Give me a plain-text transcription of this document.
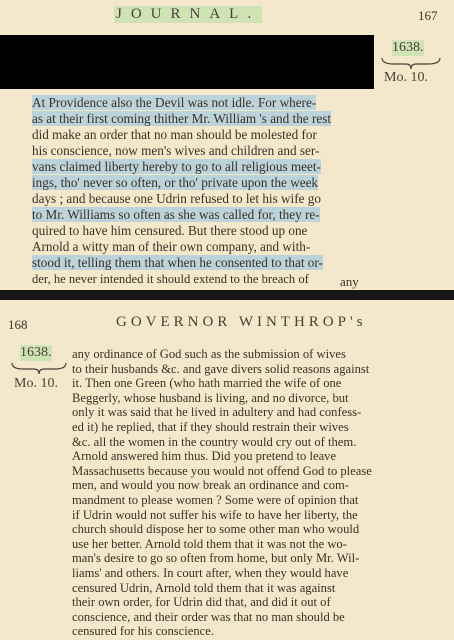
JOURNAL.	167
1638.
Mo. 10.
At Providence also the Devil was not idle. For where-
as at their first coming thither Mr. William 's and the rest
did make an order that no man should be molested for
his conscience, now men's wives and children and ser-
vans claimed liberty hereby to go to all religious meet-
ings, tho' never so often, or tho' private upon the week
days ; and because one Udrin refused to let his wife go
to Mr. Williams so often as she was called for, they re-
quired to have him censured. But there stood up one
Arnold a witty man of their own company, and with-
stood it, telling them that when he consented to that or-
der, he never intended it should extend to the breach of any
168	GOVERNOR WINTHROP's
1638.
Mo. 10.
any ordinance of God such as the submission of wives
to their husbands &c. and gave divers solid reasons against
it. Then one Green (who hath married the wife of one
Beggerly, whose husband is living, and no divorce, but
only it was said that he lived in adultery and had confess-
ed it) he replied, that if they should restrain their wives
&c. all the women in the country would cry out of them.
Arnold answered him thus. Did you pretend to leave
Massachusetts because you would not offend God to please
men, and would you now break an ordinance and com-
mandment to please women ? Some were of opinion that
if Udrin would not suffer his wife to have her liberty, the
church should dispose her to some other man who would
use her better. Arnold told them that it was not the wo-
man's desire to go so often from home, but only Mr. Wil-
liams' and others. In court after, when they would have
censured Udrin, Arnold told them that it was against
their own order, for Udrin did that, and did it out of
conscience, and their order was that no man should be
censured for his conscience.
